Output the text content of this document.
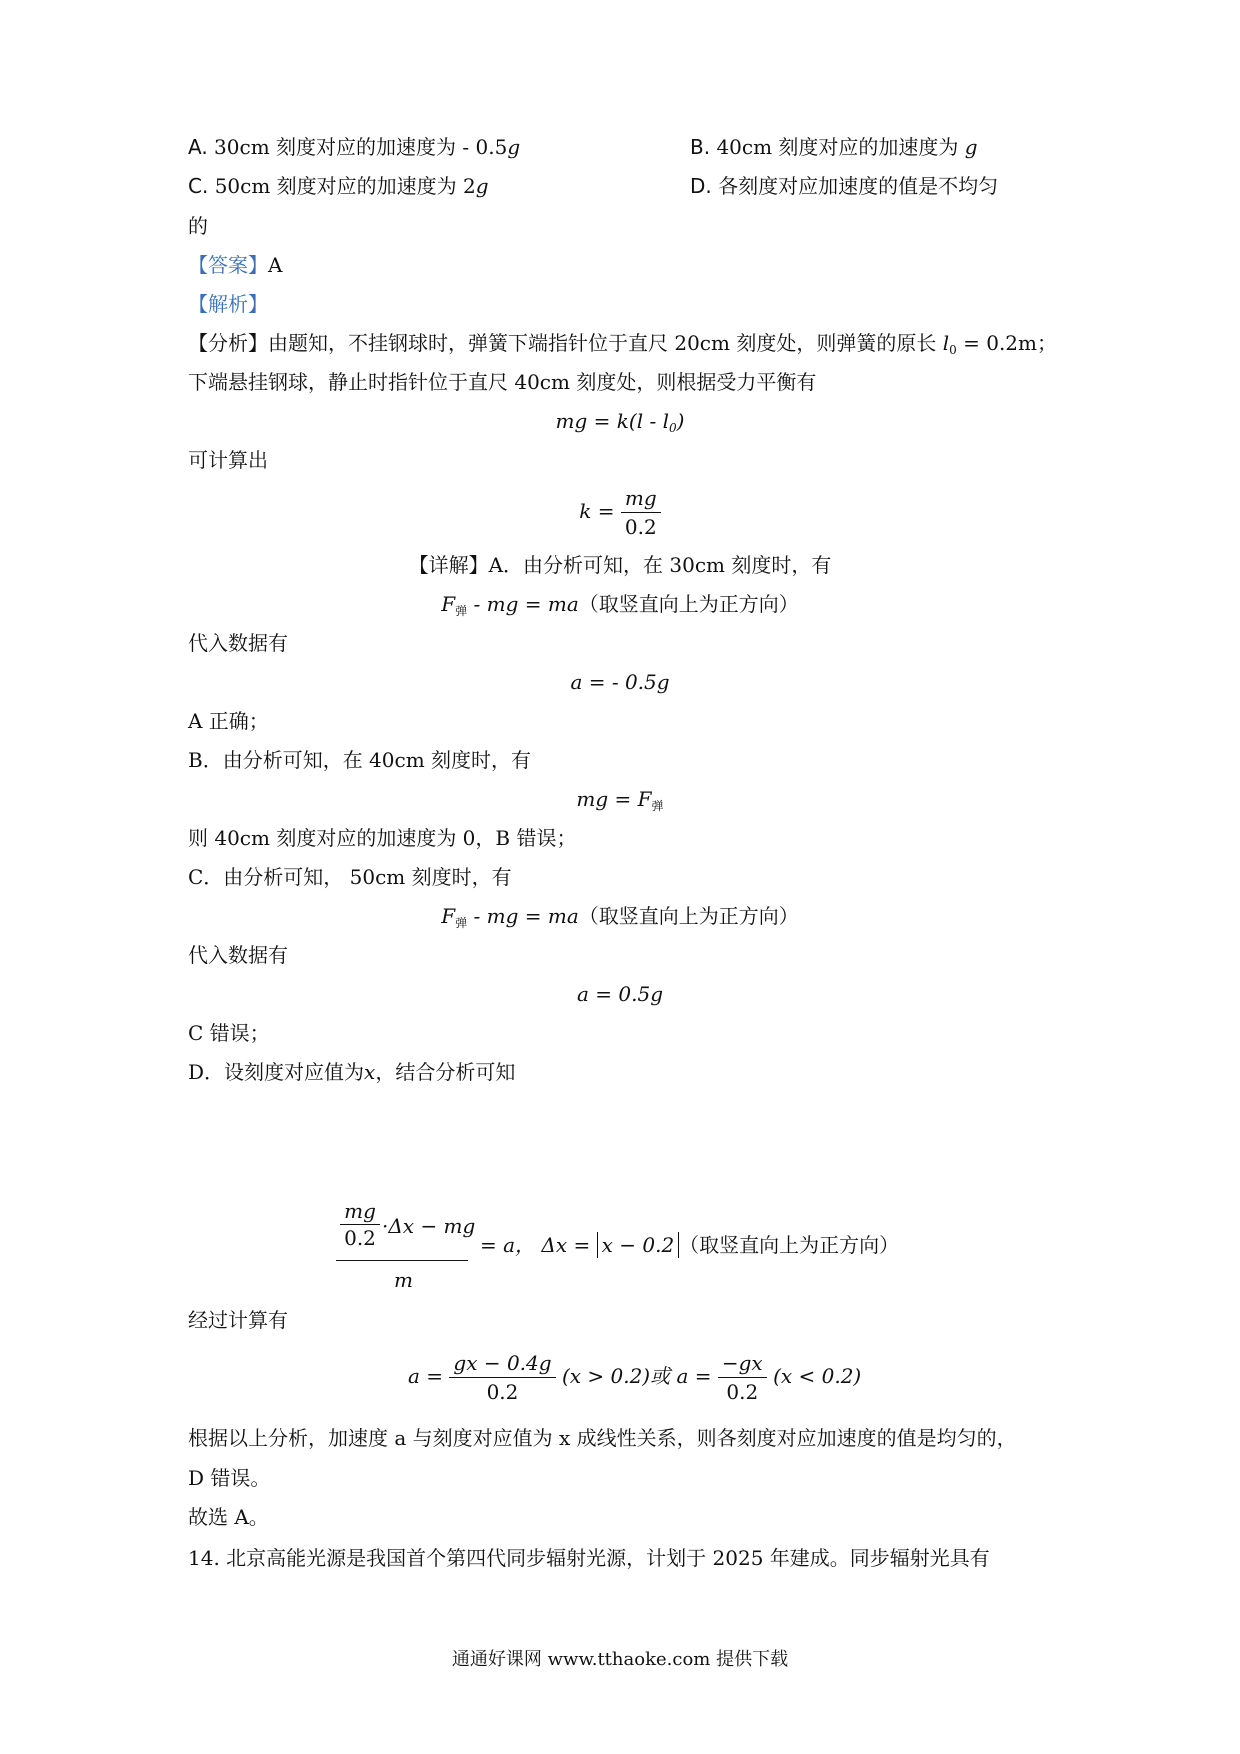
A. 30cm 刻度对应的加速度为 - 0.5g	B. 40cm 刻度对应的加速度为 g
C. 50cm 刻度对应的加速度为 2g	D. 各刻度对应加速度的值是不均匀
的
【答案】A
【解析】
【分析】由题知，不挂钢球时，弹簧下端指针位于直尺 20cm 刻度处，则弹簧的原长 $l_0 = 0.2m$；
下端悬挂钢球，静止时指针位于直尺 40cm 刻度处，则根据受力平衡有
mg = $k(l - l_0)$
可计算出
$k = \frac{mg}{0.2}$
【详解】A．由分析可知，在 30cm 刻度时，有
$F_弹$ - mg = ma（取竖直向上为正方向）
代入数据有
a = - 0.5g
A 正确；
B．由分析可知，在 40cm 刻度时，有
mg = $F_弹$
则 40cm 刻度对应的加速度为 0，B 错误；
C．由分析可知， 50cm 刻度时，有
$F_弹$ - mg = ma（取竖直向上为正方向）
代入数据有
a = 0.5g
C 错误；
D．设刻度对应值为x，结合分析可知
$\frac{mg}{0.2} \cdot\Delta x$ − mg
m
= a， Δx = x − 0.2 （取竖直向上为正方向）
经过计算有
$a = \frac{gx - 0.4g}{0.2} (x > 0.2)$或 $a = \frac{-gx}{0.2} (x < 0.2)$
根据以上分析，加速度 a 与刻度对应值为 x 成线性关系，则各刻度对应加速度的值是均匀的，
D 错误。
故选 A。
14. 北京高能光源是我国首个第四代同步辐射光源，计划于 2025 年建成。同步辐射光具有
通通好课网 www.tthaoke.com 提供下载
